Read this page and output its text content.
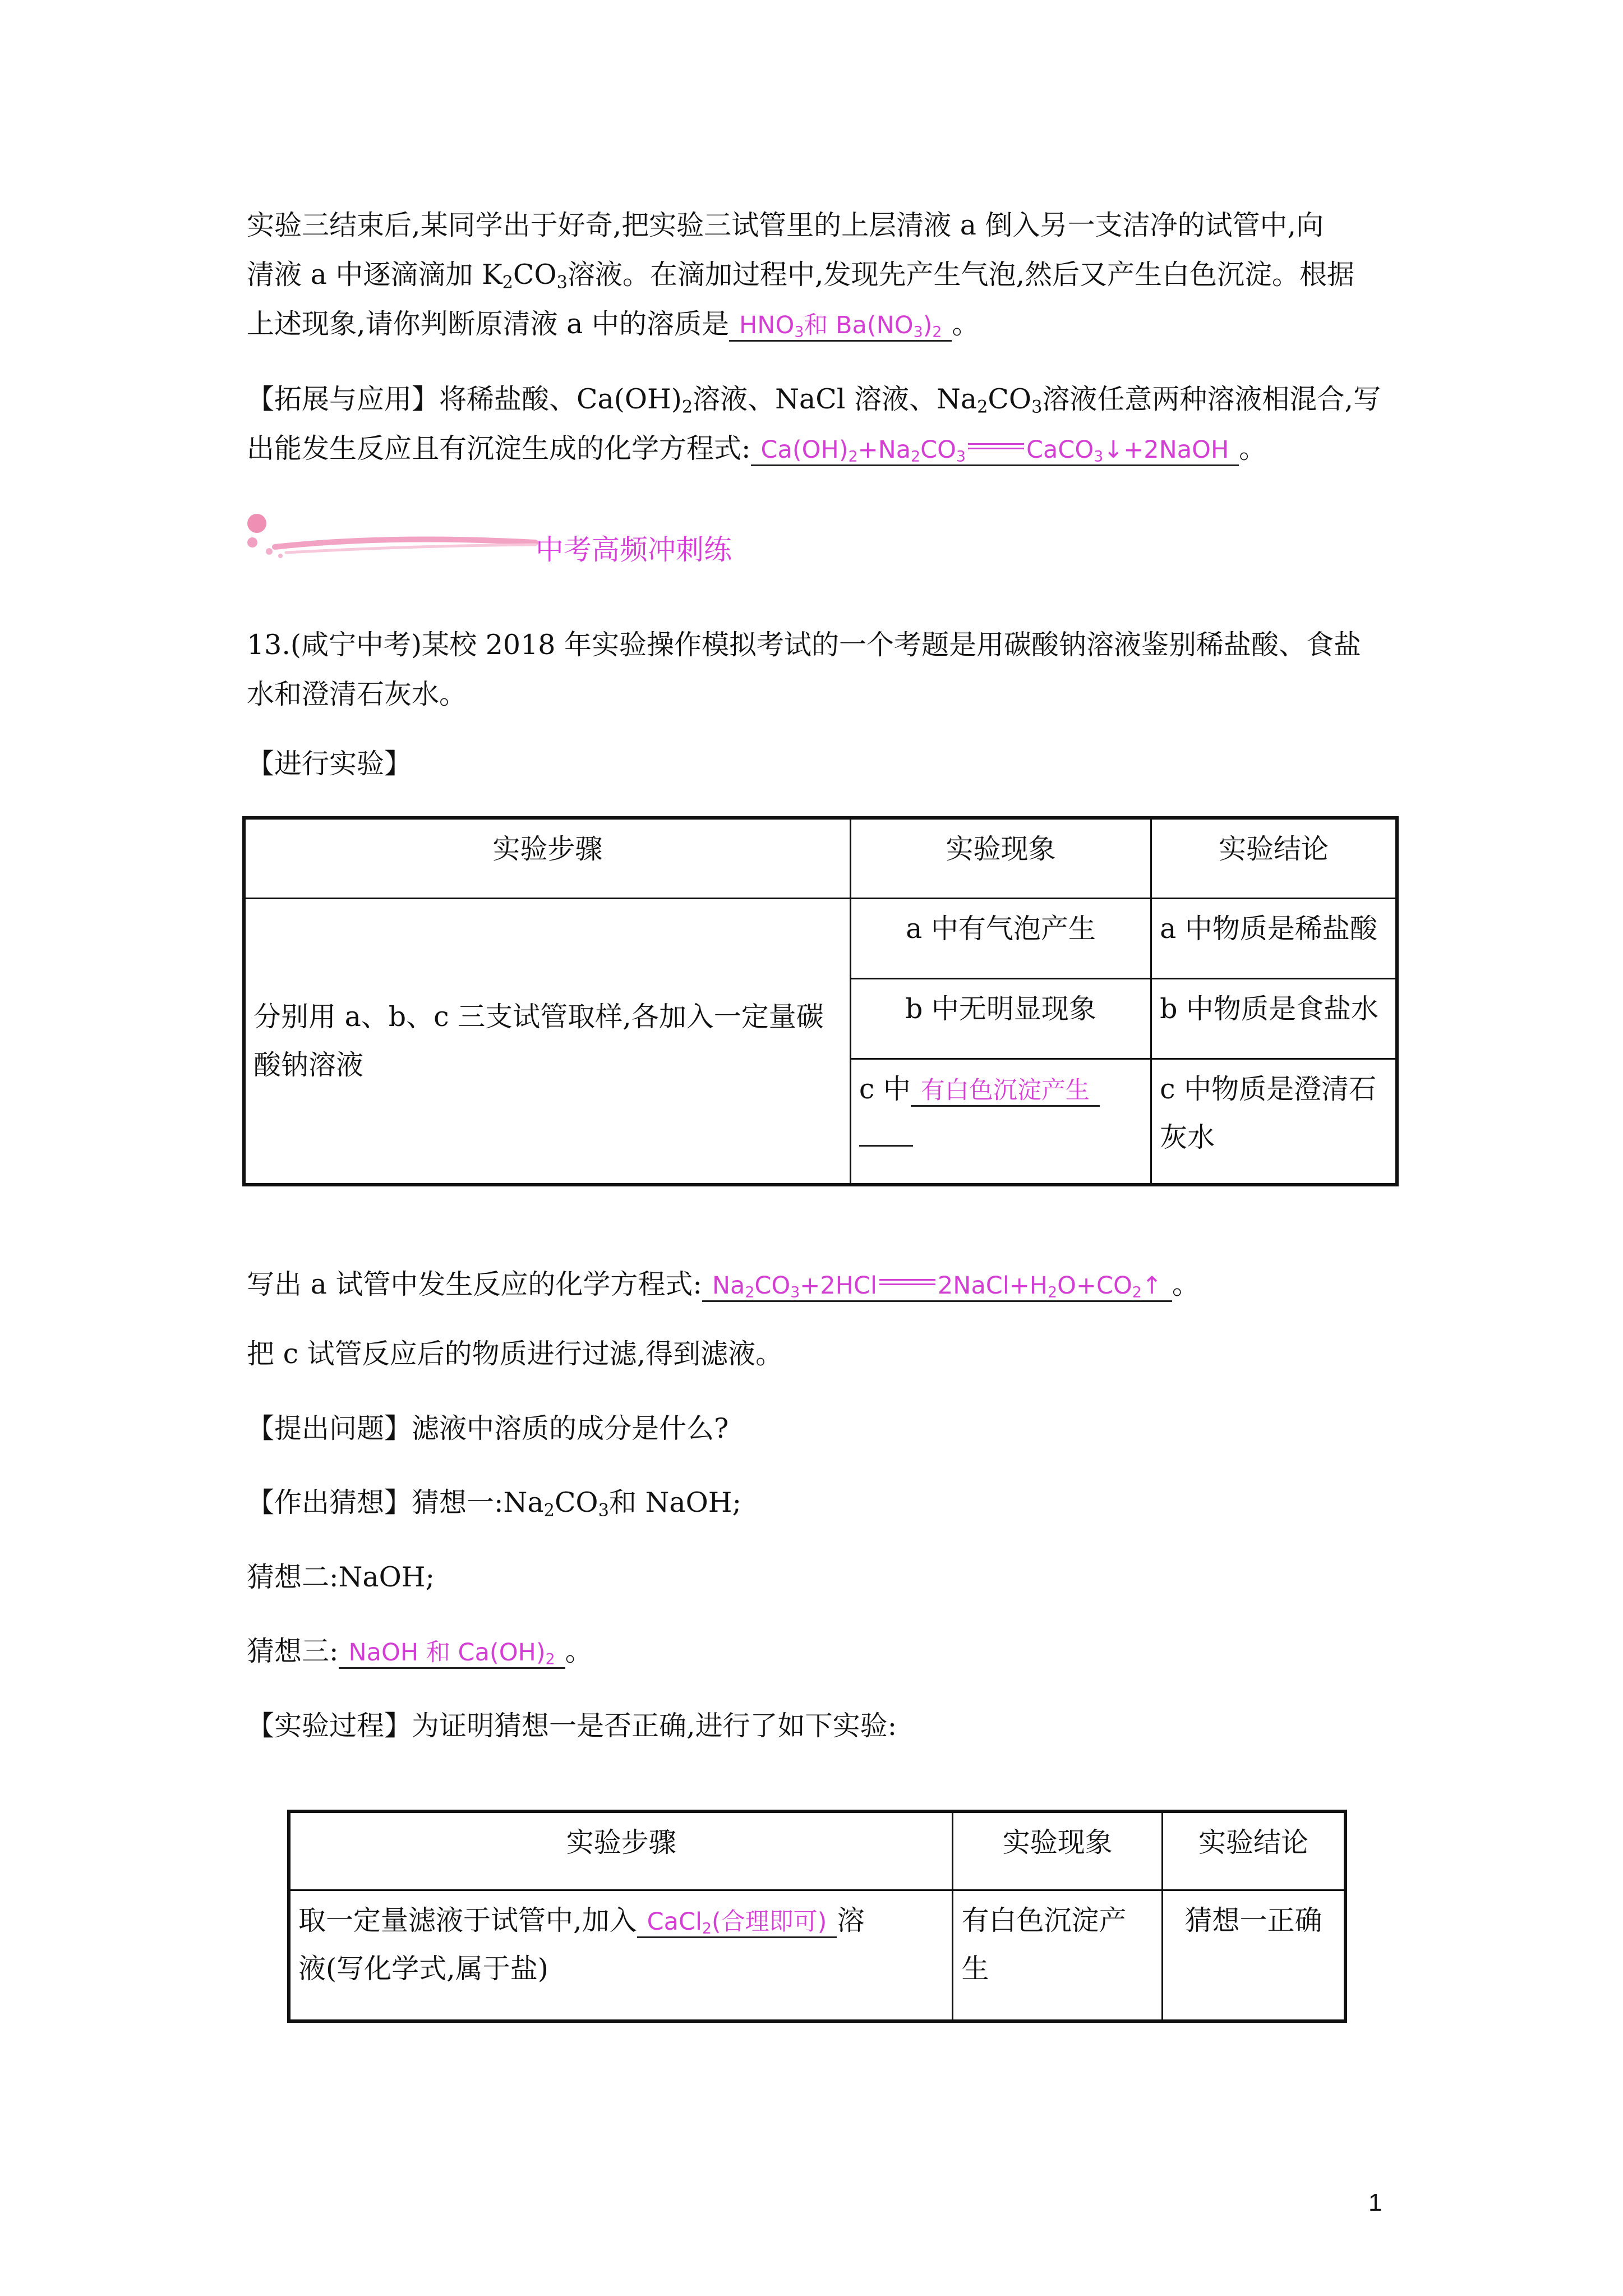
实验三结束后,某同学出于好奇,把实验三试管里的上层清液 a 倒入另一支洁净的试管中,向
清液 a 中逐滴滴加 $K_2CO_3$溶液。在滴加过程中,发现先产生气泡,然后又产生白色沉淀。根据
上述现象,请你判断原清液 a 中的溶质是 $HNO_3$和 $Ba(NO_3)_2$ 。
【拓展与应用】将稀盐酸、$Ca(OH)_2$溶液、NaCl 溶液、$Na_2CO_3$溶液任意两种溶液相混合,写
出能发生反应且有沉淀生成的化学方程式: $Ca(OH)_2+Na_2CO_3$	CaCO$_3$↓+2NaOH 。
中考高频冲刺练
13.(咸宁中考)某校 2018 年实验操作模拟考试的一个考题是用碳酸钠溶液鉴别稀盐酸、食盐
水和澄清石灰水。
【进行实验】
实验步骤	实验现象	实验结论

分别用 a、b、c 三支试管取样,各加入一定量碳
酸钠溶液	a 中有气泡产生	a 中物质是稀盐酸
	b 中无明显现象	b 中物质是食盐水
	c 中 有白色沉淀产生	c 中物质是澄清石
灰水
写出 a 试管中发生反应的化学方程式: $Na_2CO_3+2HCl$	$2NaCl+H_2O+CO_2↑$ 。
把 c 试管反应后的物质进行过滤,得到滤液。
【提出问题】滤液中溶质的成分是什么?
【作出猜想】猜想一$:Na_2CO_3$和 NaOH;
猜想二:NaOH;
猜想三: NaOH 和 $Ca(OH)_2$ 。
【实验过程】为证明猜想一是否正确,进行了如下实验:
实验步骤	实验现象	实验结论

取一定量滤液于试管中,加入 CaCl$_2$(合理即可) 溶
液(写化学式,属于盐)	有白色沉淀产生	猜想一正确
1
